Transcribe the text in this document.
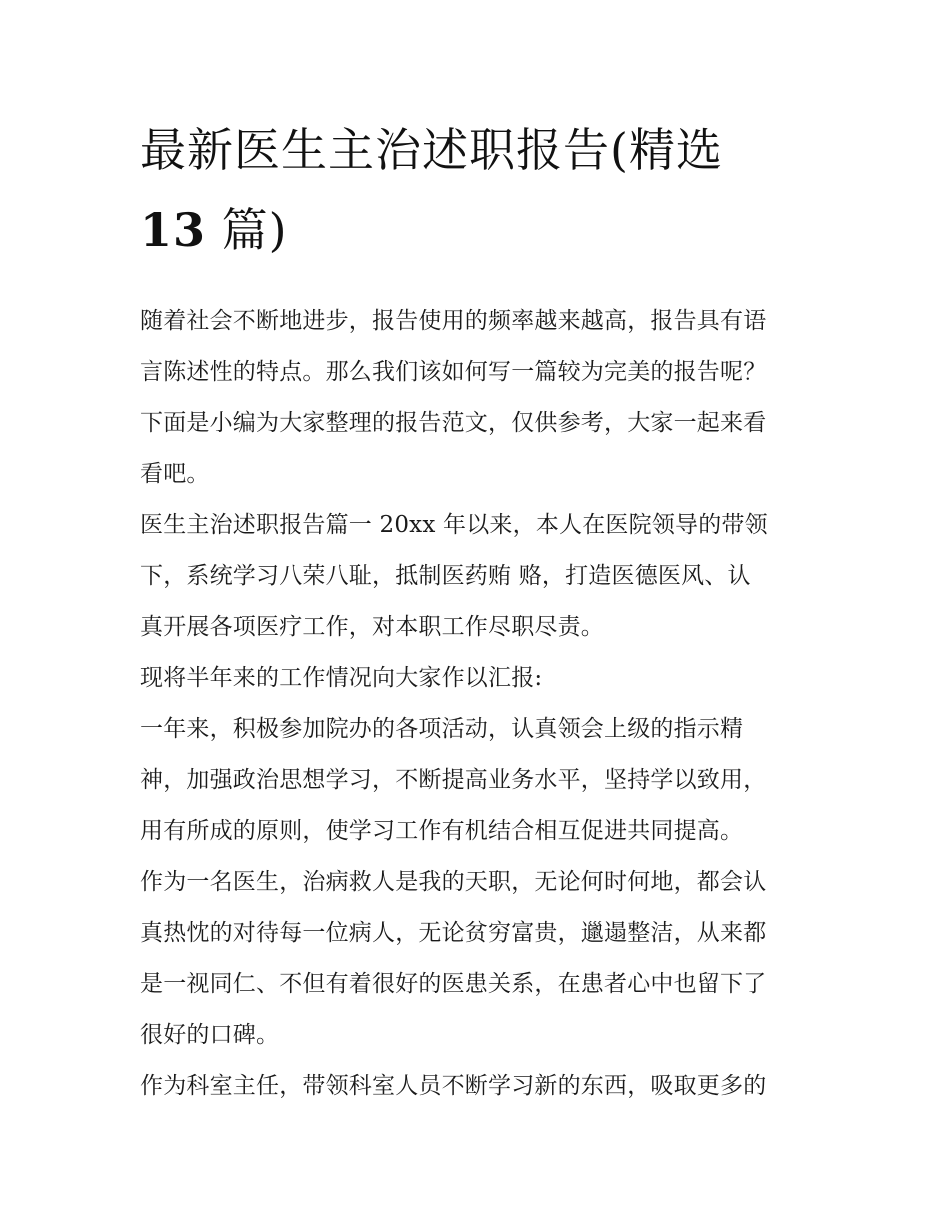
最新医生主治述职报告(精选
13 篇)
随着社会不断地进步，报告使用的频率越来越高，报告具有语
言陈述性的特点。那么我们该如何写一篇较为完美的报告呢？
下面是小编为大家整理的报告范文，仅供参考，大家一起来看
看吧。
医生主治述职报告篇一 20xx 年以来，本人在医院领导的带领
下，系统学习八荣八耻，抵制医药贿 赂，打造医德医风、认
真开展各项医疗工作，对本职工作尽职尽责。
现将半年来的工作情况向大家作以汇报:
一年来，积极参加院办的各项活动，认真领会上级的指示精
神，加强政治思想学习，不断提高业务水平，坚持学以致用，
用有所成的原则，使学习工作有机结合相互促进共同提高。
作为一名医生，治病救人是我的天职，无论何时何地，都会认
真热忱的对待每一位病人，无论贫穷富贵，邋遢整洁，从来都
是一视同仁、不但有着很好的医患关系，在患者心中也留下了
很好的口碑。
作为科室主任，带领科室人员不断学习新的东西，吸取更多的
